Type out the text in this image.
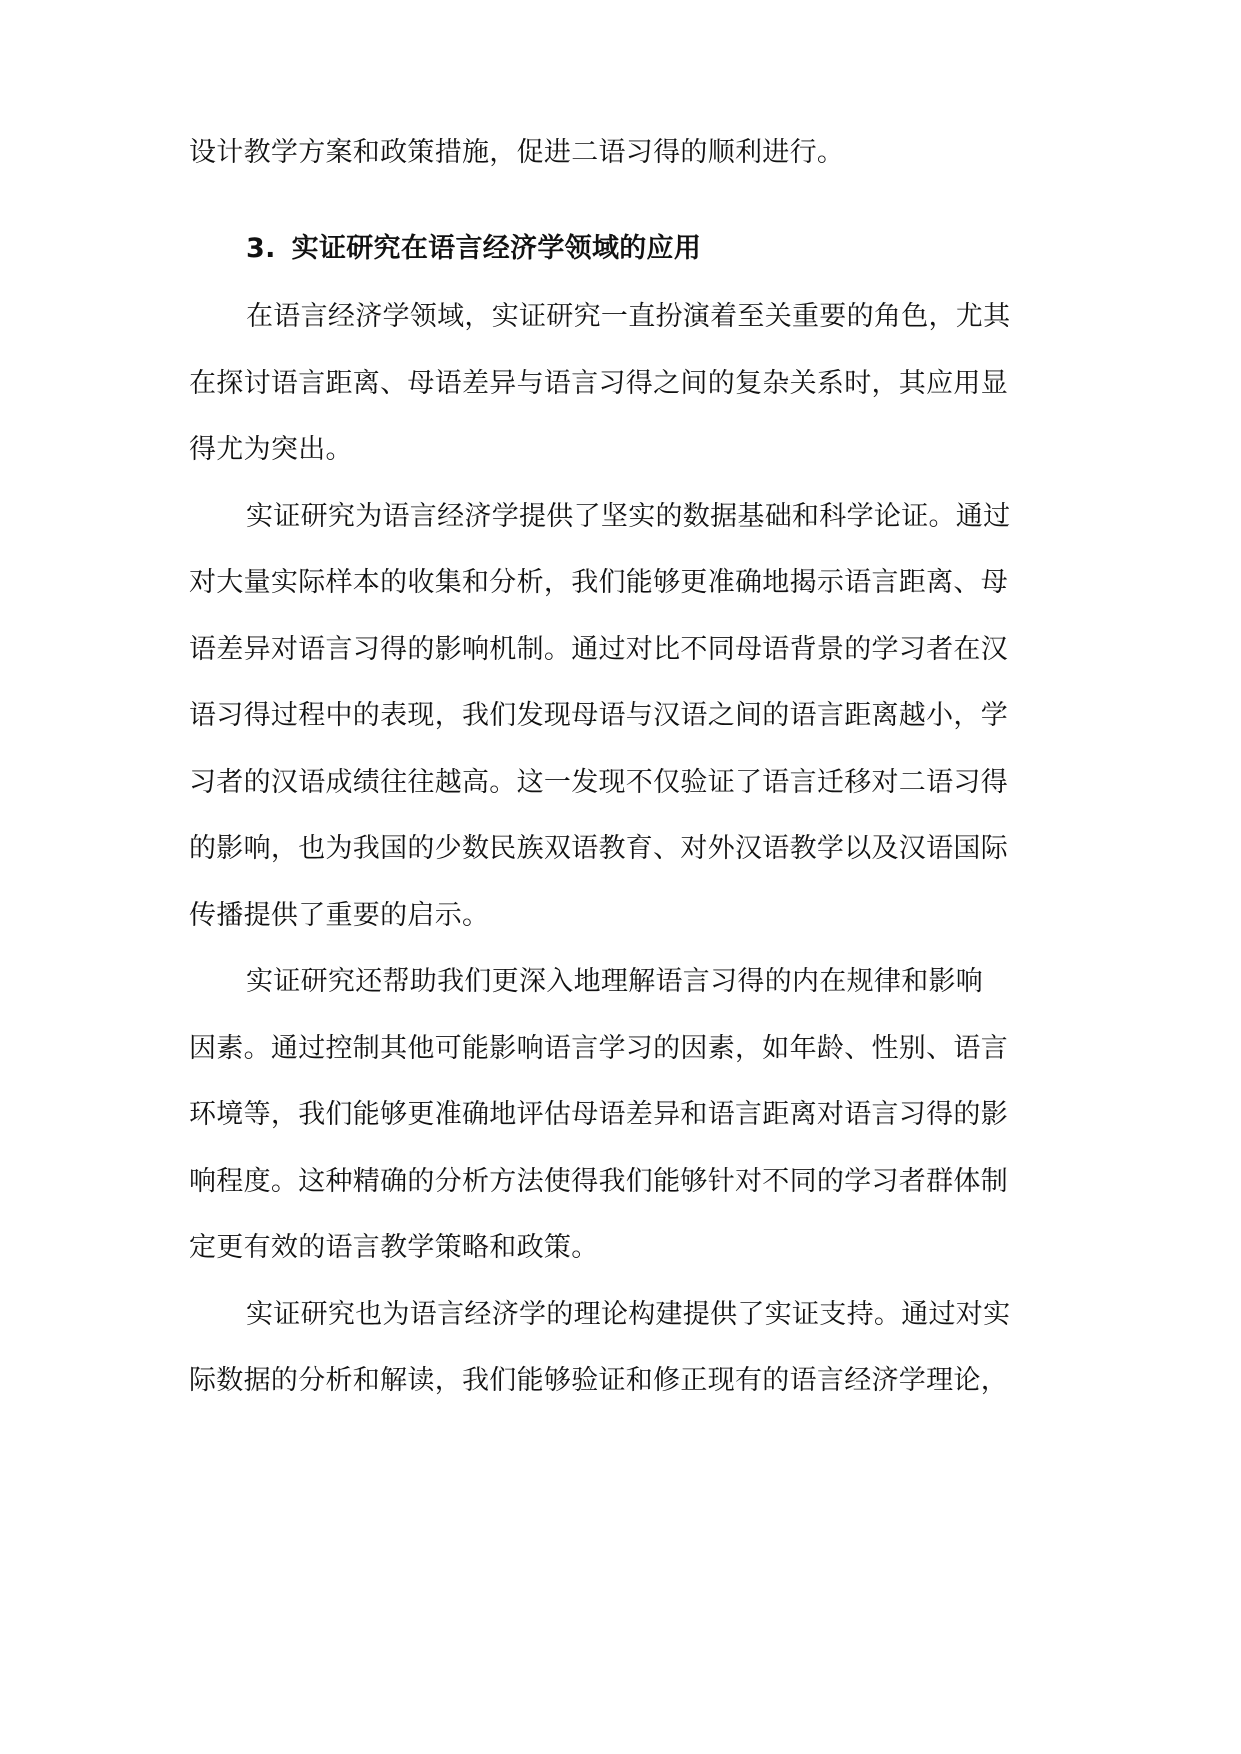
设计教学方案和政策措施，促进二语习得的顺利进行。
3. 实证研究在语言经济学领域的应用
在语言经济学领域，实证研究一直扮演着至关重要的角色，尤其
在探讨语言距离、母语差异与语言习得之间的复杂关系时，其应用显
得尤为突出。
实证研究为语言经济学提供了坚实的数据基础和科学论证。通过
对大量实际样本的收集和分析，我们能够更准确地揭示语言距离、母
语差异对语言习得的影响机制。通过对比不同母语背景的学习者在汉
语习得过程中的表现，我们发现母语与汉语之间的语言距离越小，学
习者的汉语成绩往往越高。这一发现不仅验证了语言迁移对二语习得
的影响，也为我国的少数民族双语教育、对外汉语教学以及汉语国际
传播提供了重要的启示。
实证研究还帮助我们更深入地理解语言习得的内在规律和影响
因素。通过控制其他可能影响语言学习的因素，如年龄、性别、语言
环境等，我们能够更准确地评估母语差异和语言距离对语言习得的影
响程度。这种精确的分析方法使得我们能够针对不同的学习者群体制
定更有效的语言教学策略和政策。
实证研究也为语言经济学的理论构建提供了实证支持。通过对实
际数据的分析和解读，我们能够验证和修正现有的语言经济学理论，
